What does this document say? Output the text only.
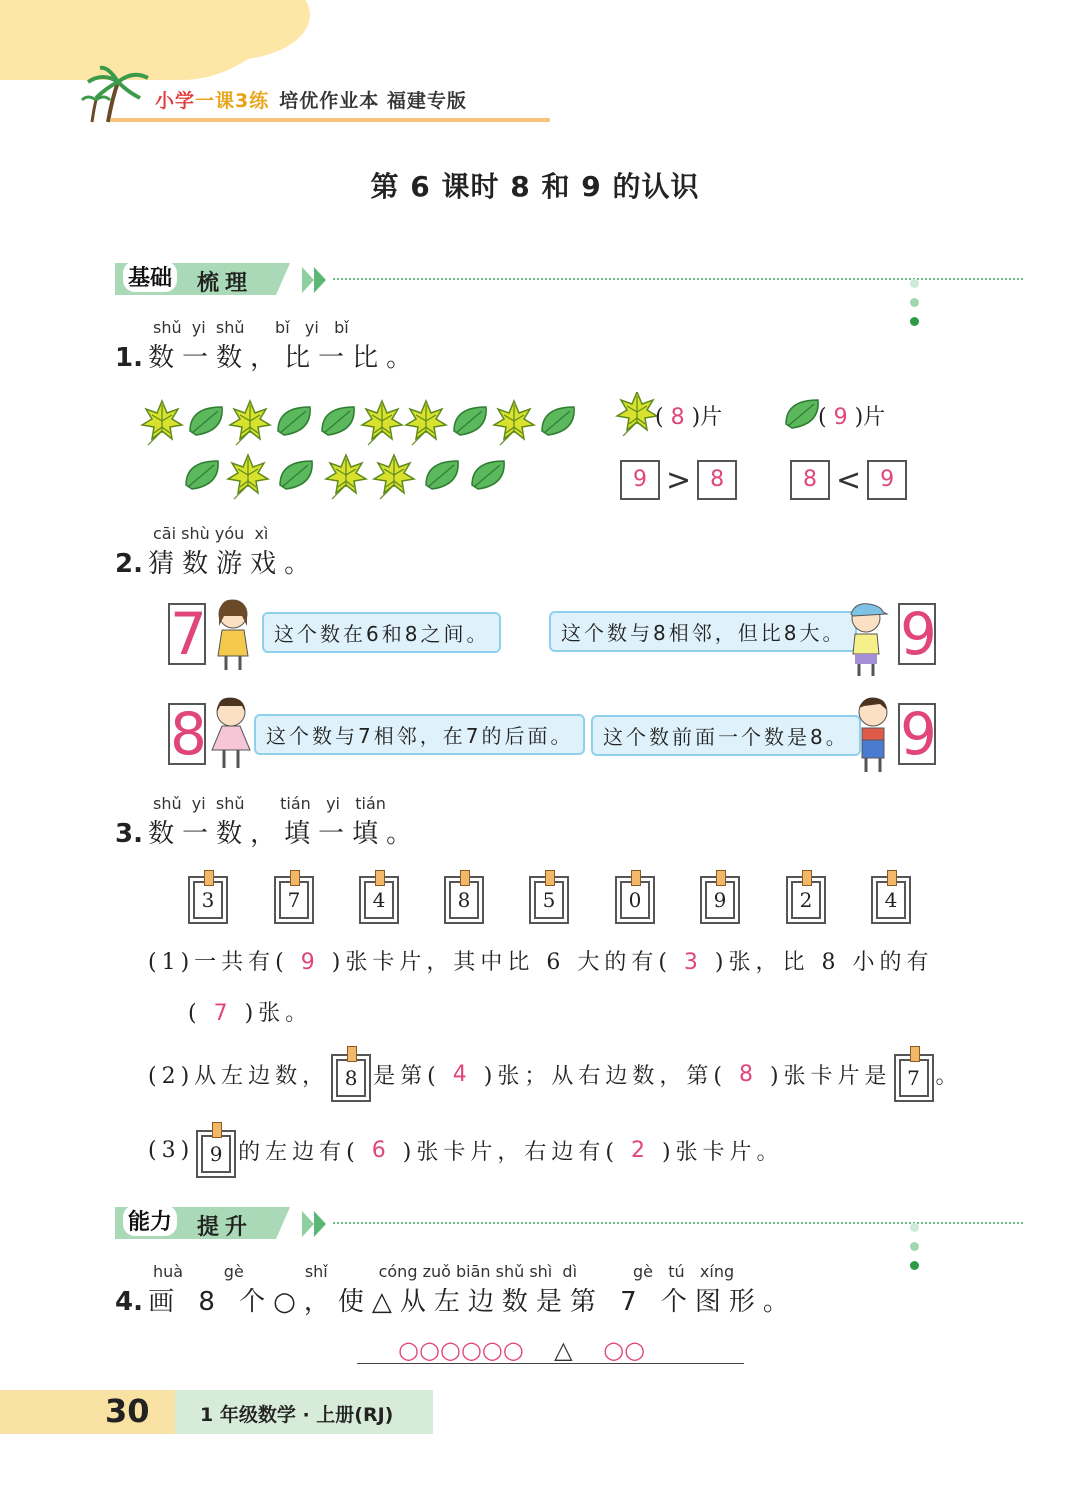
小学一课3练 培优作业本 福建专版
第 6 课时 8 和 9 的认识
基础 梳理
shǔ yi shǔ bǐ yi bǐ
1. 数一数，比一比。
( 8 )片	( 9 )片
9 > 8	8 < 9
cāi shù yóu xì
2. 猜数游戏。
7	这个数在6和8之间。	这个数与8相邻，但比8大。 9
8	这个数与7相邻，在7的后面。	这个数前面一个数是8。 9
shǔ yi shǔ tián yi tián
3. 数一数，填一填。
3	7	4	8	5	0	9	2	4
(1)一共有( 9 )张卡片，其中比 6 大的有( 3 )张，比 8 小的有
( 7 )张。
(2)从左边数， 8 是第(
4
)张；从右边数，第(
8
)张卡片是 7 。
(3) 9 的左边有(
6
)张卡片，右边有(
2
)张卡片。
能力 提升
huà	gè	shǐ	cóng zuǒ biān shǔ shì dì	gè tú xíng
4. 画 8 个○，使△从左边数是第 7 个图形。
○○○○○○ △ ○○
30	1 年级数学 · 上册(RJ)
